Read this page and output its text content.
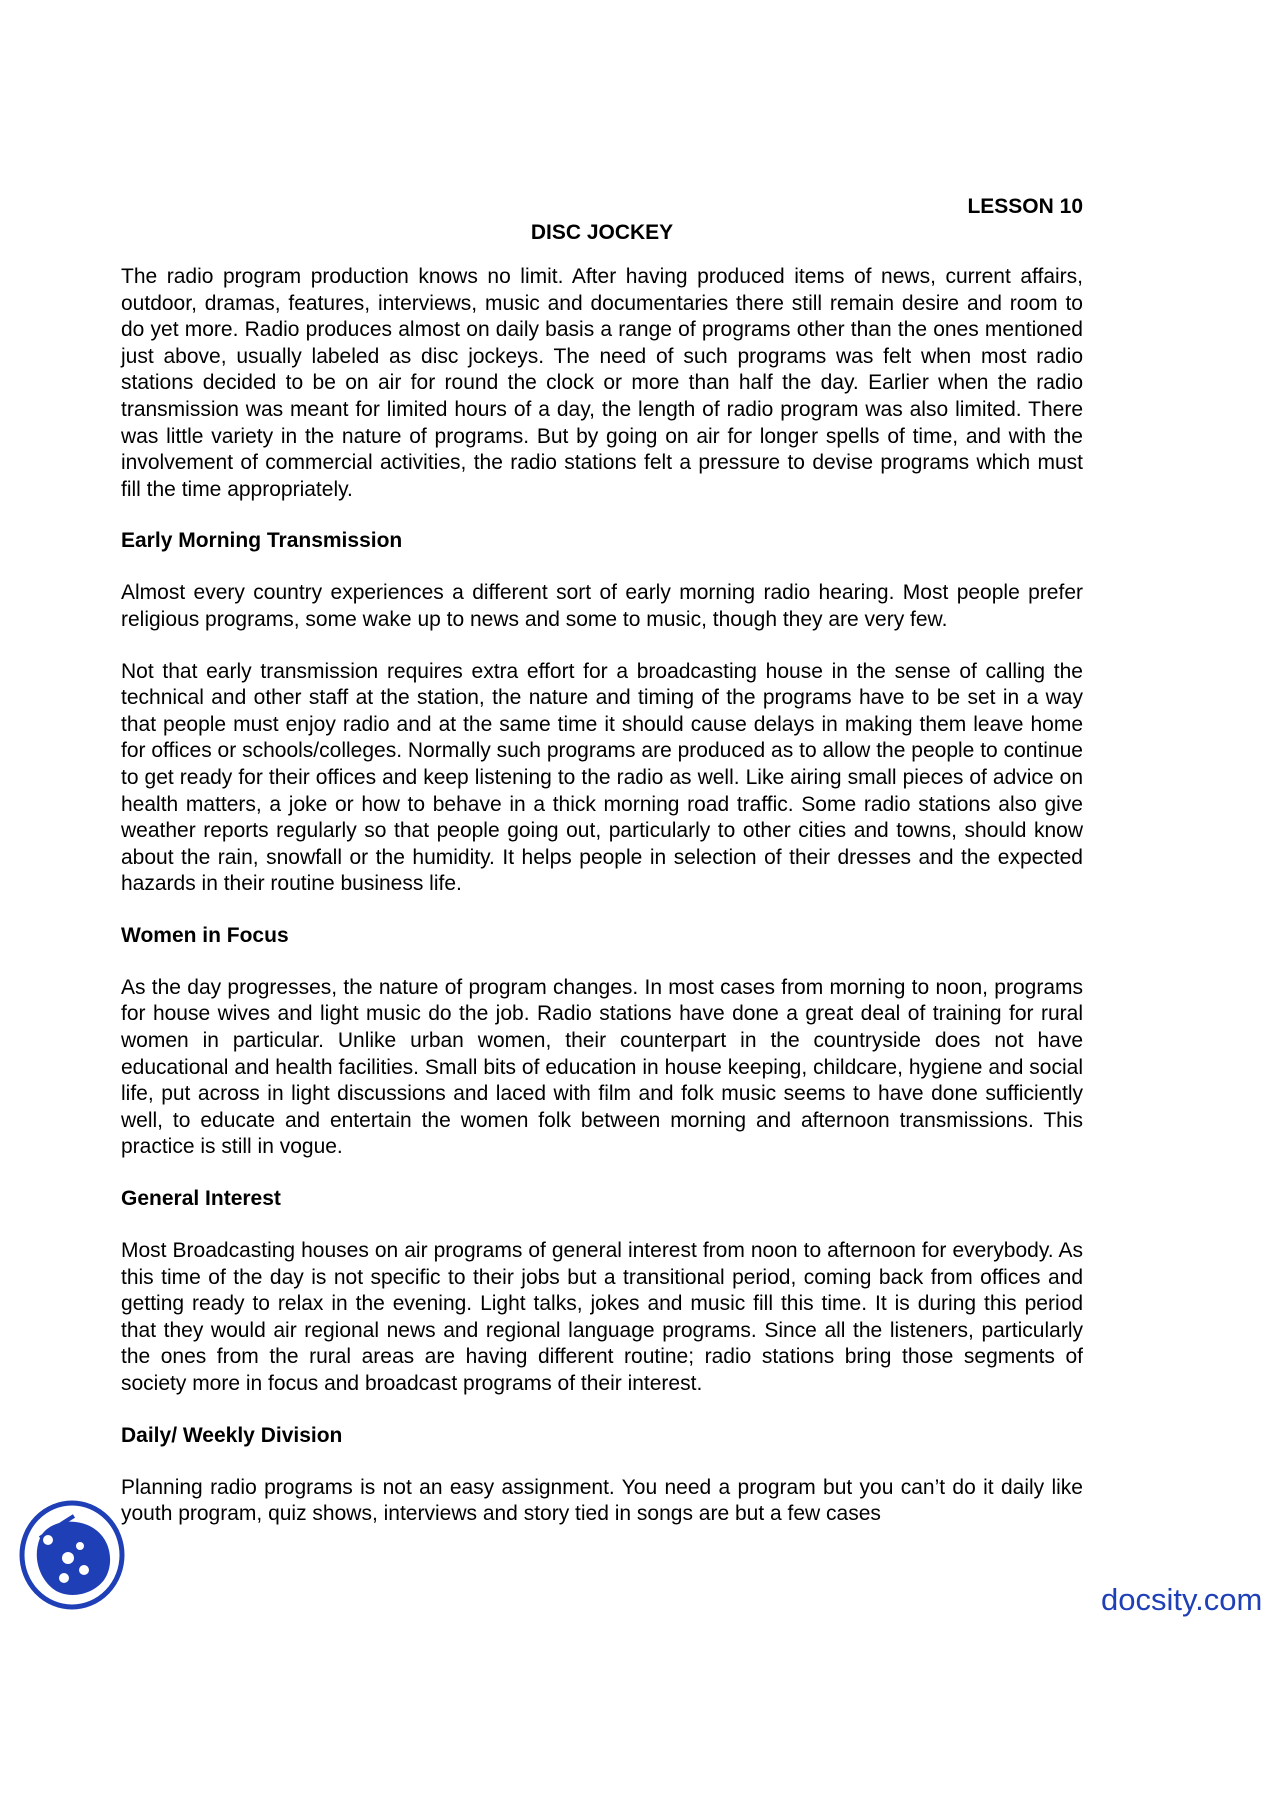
LESSON 10
DISC JOCKEY

The radio program production knows no limit. After having produced items of news, current affairs, outdoor, dramas, features, interviews, music and documentaries there still remain desire and room to do yet more. Radio produces almost on daily basis a range of programs other than the ones mentioned just above, usually labeled as disc jockeys. The need of such programs was felt when most radio stations decided to be on air for round the clock or more than half the day. Earlier when the radio transmission was meant for limited hours of a day, the length of radio program was also limited. There was little variety in the nature of programs. But by going on air for longer spells of time, and with the involvement of commercial activities, the radio stations felt a pressure to devise programs which must fill the time appropriately.

Early Morning Transmission

Almost every country experiences a different sort of early morning radio hearing. Most people prefer religious programs, some wake up to news and some to music, though they are very few.

Not that early transmission requires extra effort for a broadcasting house in the sense of calling the technical and other staff at the station, the nature and timing of the programs have to be set in a way that people must enjoy radio and at the same time it should cause delays in making them leave home for offices or schools/colleges. Normally such programs are produced as to allow the people to continue to get ready for their offices and keep listening to the radio as well. Like airing small pieces of advice on health matters, a joke or how to behave in a thick morning road traffic. Some radio stations also give weather reports regularly so that people going out, particularly to other cities and towns, should know about the rain, snowfall or the humidity. It helps people in selection of their dresses and the expected hazards in their routine business life.

Women in Focus

As the day progresses, the nature of program changes. In most cases from morning to noon, programs for house wives and light music do the job. Radio stations have done a great deal of training for rural women in particular. Unlike urban women, their counterpart in the countryside does not have educational and health facilities. Small bits of education in house keeping, childcare, hygiene and social life, put across in light discussions and laced with film and folk music seems to have done sufficiently well, to educate and entertain the women folk between morning and afternoon transmissions. This practice is still in vogue.

General Interest

Most Broadcasting houses on air programs of general interest from noon to afternoon for everybody. As this time of the day is not specific to their jobs but a transitional period, coming back from offices and getting ready to relax in the evening. Light talks, jokes and music fill this time. It is during this period that they would air regional news and regional language programs. Since all the listeners, particularly the ones from the rural areas are having different routine; radio stations bring those segments of society more in focus and broadcast programs of their interest.

Daily/ Weekly Division

Planning radio programs is not an easy assignment. You need a program but you can’t do it daily like youth program, quiz shows, interviews and story tied in songs are but a few cases

docsity.com
